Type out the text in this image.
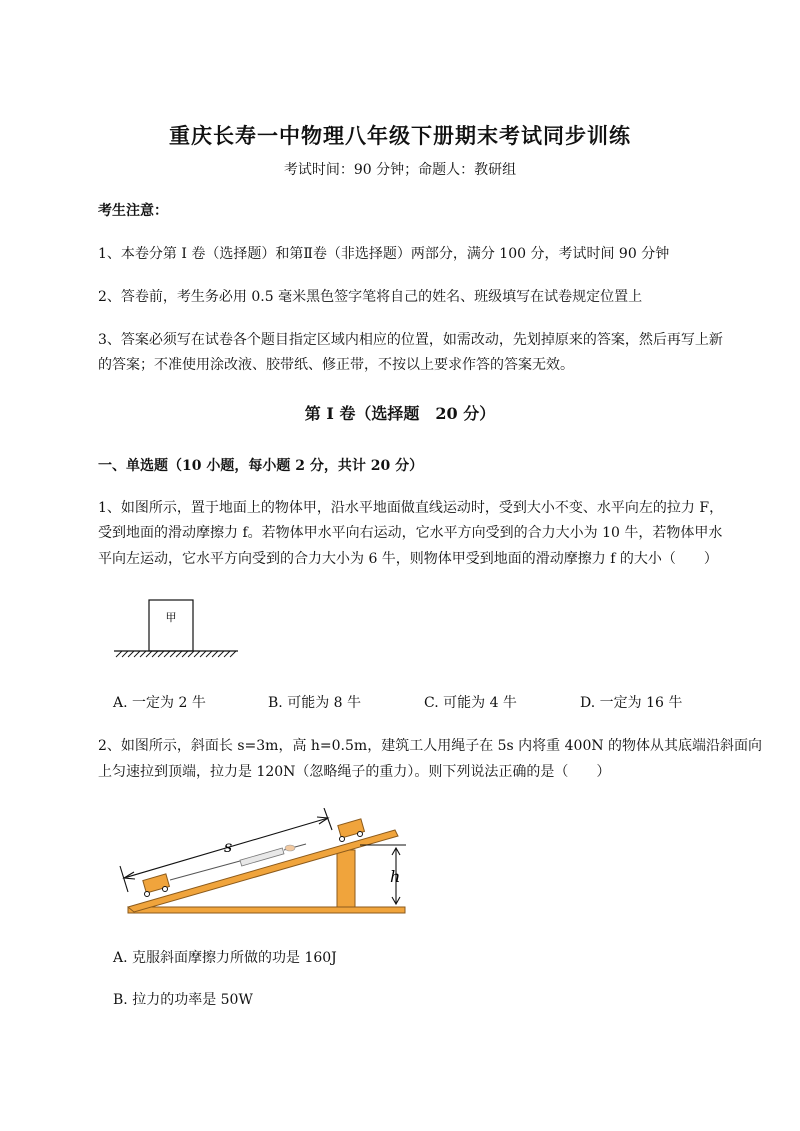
重庆长寿一中物理八年级下册期末考试同步训练
考试时间：90 分钟；命题人：教研组
考生注意：
1、本卷分第 I 卷（选择题）和第Ⅱ卷（非选择题）两部分，满分 100 分，考试时间 90 分钟
2、答卷前，考生务必用 0.5 毫米黑色签字笔将自己的姓名、班级填写在试卷规定位置上
3、答案必须写在试卷各个题目指定区域内相应的位置，如需改动，先划掉原来的答案，然后再写上新
的答案；不准使用涂改液、胶带纸、修正带，不按以上要求作答的答案无效。
第 I 卷（选择题　20 分）
一、单选题（10 小题，每小题 2 分，共计 20 分）
1、如图所示，置于地面上的物体甲，沿水平地面做直线运动时，受到大小不变、水平向左的拉力 F，
受到地面的滑动摩擦力 f。若物体甲水平向右运动，它水平方向受到的合力大小为 10 牛，若物体甲水
平向左运动，它水平方向受到的合力大小为 6 牛，则物体甲受到地面的滑动摩擦力 f 的大小（　　）
甲
A. 一定为 2 牛	B. 可能为 8 牛	C. 可能为 4 牛	D. 一定为 16 牛
2、如图所示，斜面长 s=3m，高 h=0.5m，建筑工人用绳子在 5s 内将重 400N 的物体从其底端沿斜面向
上匀速拉到顶端，拉力是 120N（忽略绳子的重力）。则下列说法正确的是（　　）
s
h
A. 克服斜面摩擦力所做的功是 160J
B. 拉力的功率是 50W
